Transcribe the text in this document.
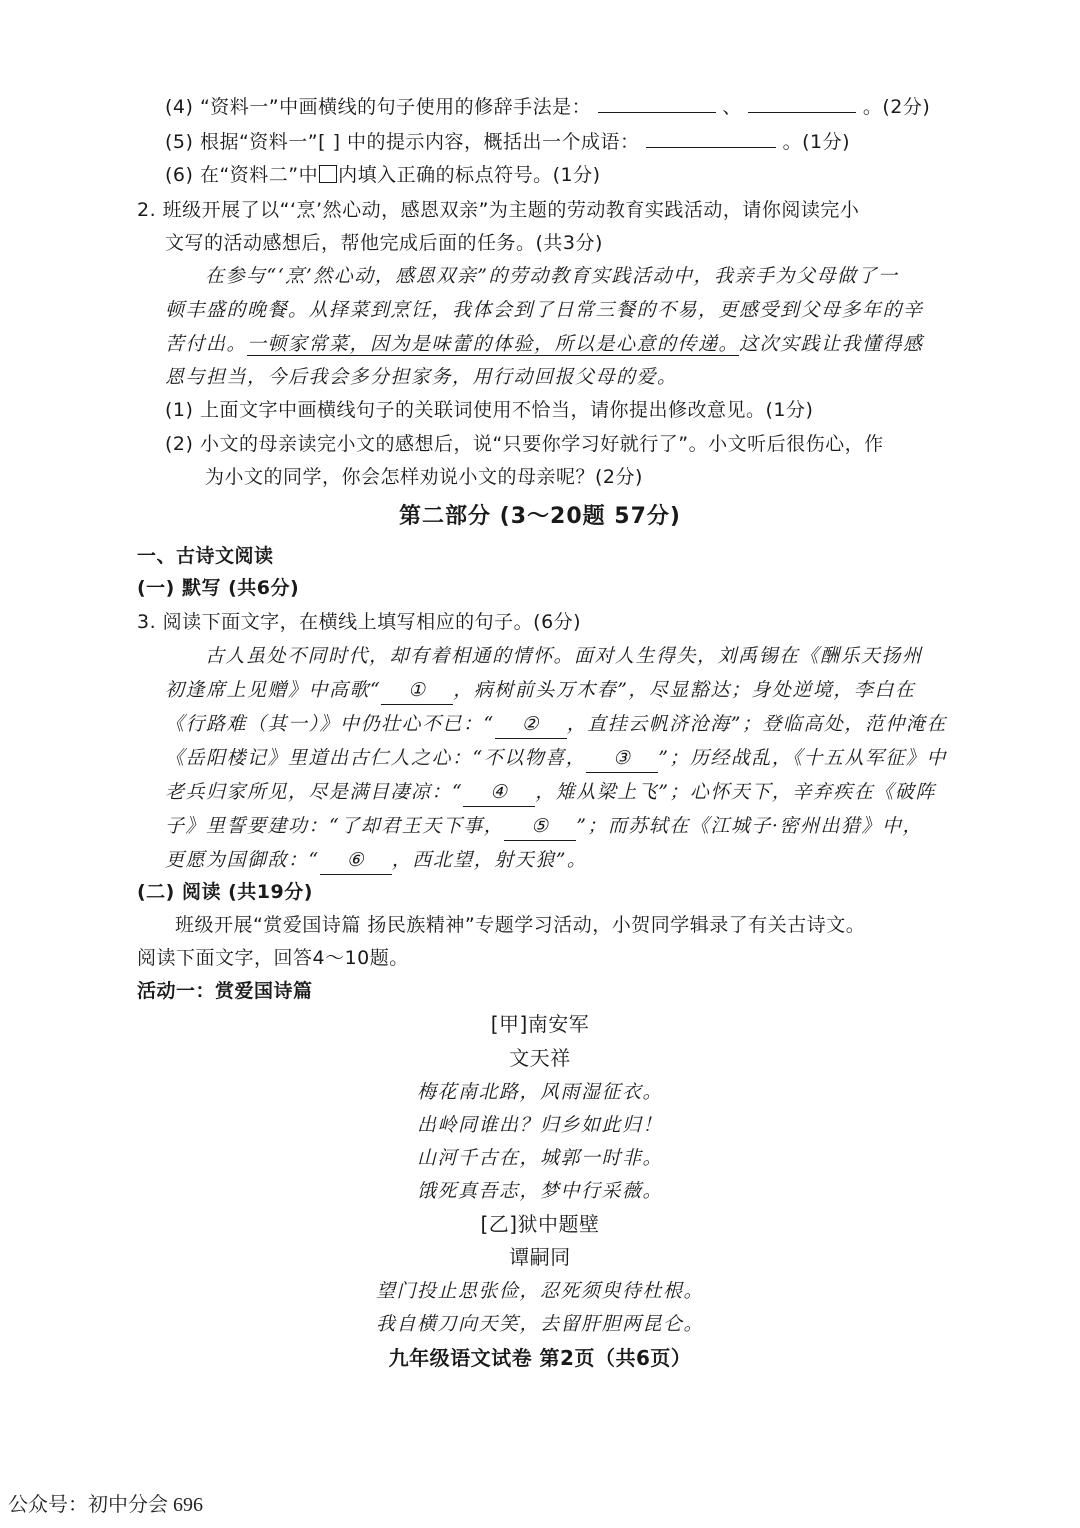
(4) “资料一”中画横线的句子使用的修辞手法是：	、	。(2分)
(5) 根据“资料一”[ ] 中的提示内容，概括出一个成语：	。(1分)
(6) 在“资料二”中 内填入正确的标点符号。(1分)
2. 班级开展了以“‘烹’然心动，感恩双亲”为主题的劳动教育实践活动，请你阅读完小
文写的活动感想后，帮他完成后面的任务。(共3分)
在参与“‘烹’然心动，感恩双亲”的劳动教育实践活动中，我亲手为父母做了一
顿丰盛的晚餐。从择菜到烹饪，我体会到了日常三餐的不易，更感受到父母多年的辛
苦付出。一顿家常菜，因为是味蕾的体验，所以是心意的传递。这次实践让我懂得感
恩与担当，今后我会多分担家务，用行动回报父母的爱。
(1) 上面文字中画横线句子的关联词使用不恰当，请你提出修改意见。(1分)
(2) 小文的母亲读完小文的感想后，说“只要你学习好就行了”。小文听后很伤心，作
为小文的同学，你会怎样劝说小文的母亲呢？(2分)
第二部分 (3～20题 57分)
一、古诗文阅读
(一) 默写 (共6分)
3. 阅读下面文字，在横线上填写相应的句子。(6分)
古人虽处不同时代，却有着相通的情怀。面对人生得失，刘禹锡在《酬乐天扬州
初逢席上见赠》中高歌“ ① ，病树前头万木春”，尽显豁达；身处逆境，李白在
《行路难（其一）》中仍壮心不已：“ ② ，直挂云帆济沧海”；登临高处，范仲淹在
《岳阳楼记》里道出古仁人之心：“不以物喜， ③ ”；历经战乱，《十五从军征》中
老兵归家所见，尽是满目凄凉：“ ④ ，雉从梁上飞”；心怀天下，辛弃疾在《破阵
子》里誓要建功：“了却君王天下事， ⑤ ”；而苏轼在《江城子·密州出猎》中，
更愿为国御敌：“ ⑥ ，西北望，射天狼”。
(二) 阅读 (共19分)
班级开展“赏爱国诗篇 扬民族精神”专题学习活动，小贺同学辑录了有关古诗文。
阅读下面文字，回答4～10题。
活动一：赏爱国诗篇
[甲]南安军
文天祥
梅花南北路，风雨湿征衣。
出岭同谁出？归乡如此归！
山河千古在，城郭一时非。
饿死真吾志，梦中行采薇。
[乙]狱中题壁
谭嗣同
望门投止思张俭，忍死须臾待杜根。
我自横刀向天笑，去留肝胆两昆仑。
九年级语文试卷 第2页（共6页）
公众号：初中分会 696
